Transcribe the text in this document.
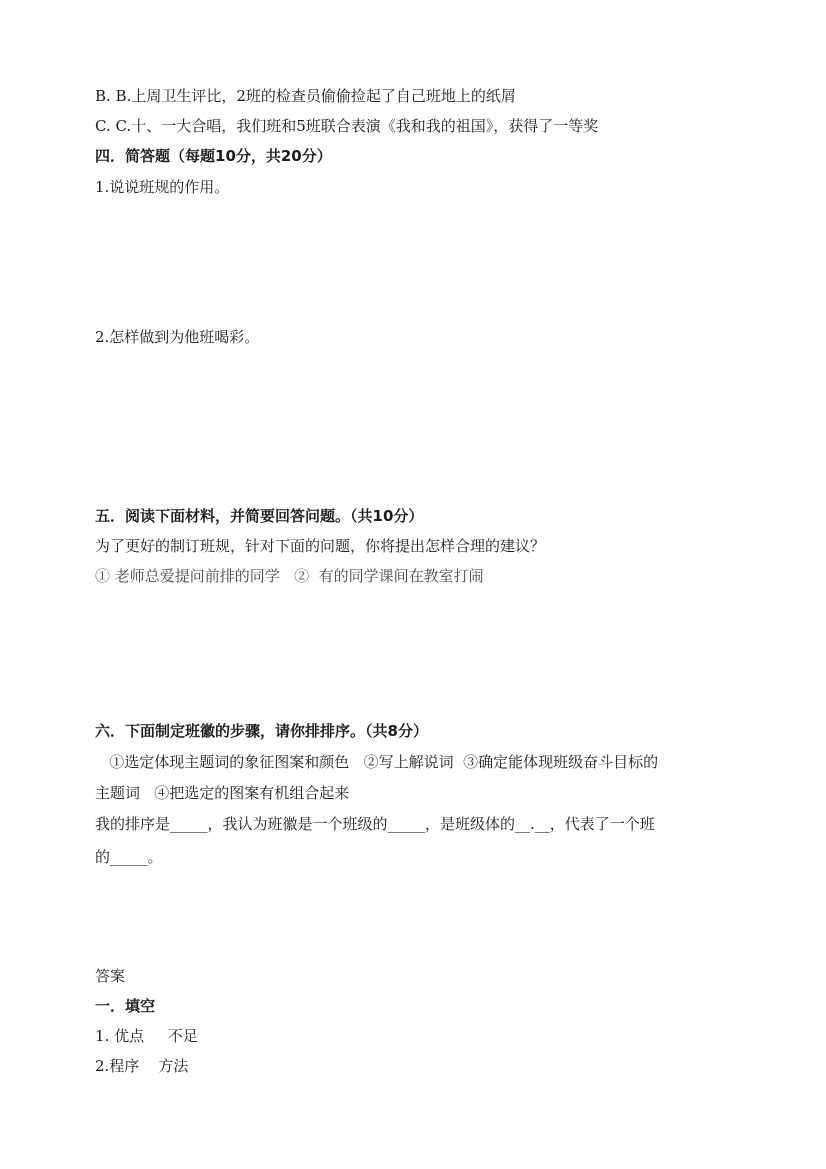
B. B.上周卫生评比，2班的检查员偷偷捡起了自己班地上的纸屑
C. C.十、一大合唱，我们班和5班联合表演《我和我的祖国》，获得了一等奖
四．简答题（每题10分，共20分）
1.说说班规的作用。
2.怎样做到为他班喝彩。
五．阅读下面材料，并简要回答问题。（共10分）
为了更好的制订班规，针对下面的问题，你将提出怎样合理的建议？
① 老师总爱提问前排的同学   ②  有的同学课间在教室打闹
六．下面制定班徽的步骤，请你排排序。（共8分）
①选定体现主题词的象征图案和颜色   ②写上解说词  ③确定能体现班级奋斗目标的
主题词   ④把选定的图案有机组合起来
我的排序是_____，我认为班徽是一个班级的_____，是班级体的__.__，代表了一个班
的_____。
答案
一．填空
1. 优点     不足
2.程序    方法
